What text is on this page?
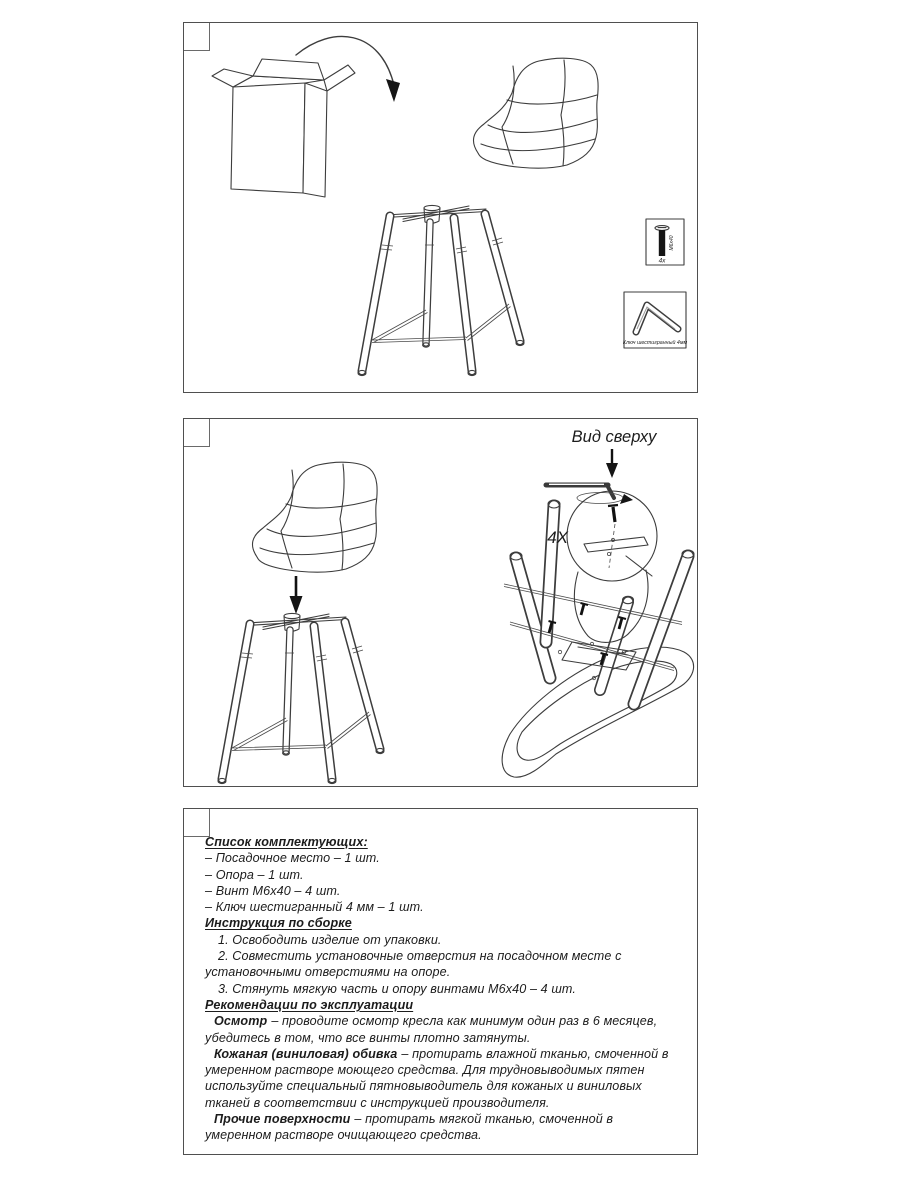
М6х40
4x
Ключ шестигранный 4мм
Вид сверху
4X
Список комплектующих:
– Посадочное место – 1 шт.
– Опора – 1 шт.
– Винт М6х40 – 4 шт.
– Ключ шестигранный 4 мм – 1 шт.
Инструкция по сборке

1. Освободить изделие от упаковки.

2. Совместить установочные отверстия на посадочном месте с установочными отверстиями на опоре.

3. Стянуть мягкую часть и опору винтами М6х40 – 4 шт.

Рекомендации по эксплуатации

Осмотр – проводите осмотр кресла как минимум один раз в 6 месяцев, убедитесь в том, что все винты плотно затянуты.

Кожаная (виниловая) обивка – протирать влажной тканью, смоченной в умеренном растворе моющего средства. Для трудновыводимых пятен используйте специальный пятновыводитель для кожаных и виниловых тканей в соответствии с инструкцией производителя.

Прочие поверхности – протирать мягкой тканью, смоченной в умеренном растворе очищающего средства.
